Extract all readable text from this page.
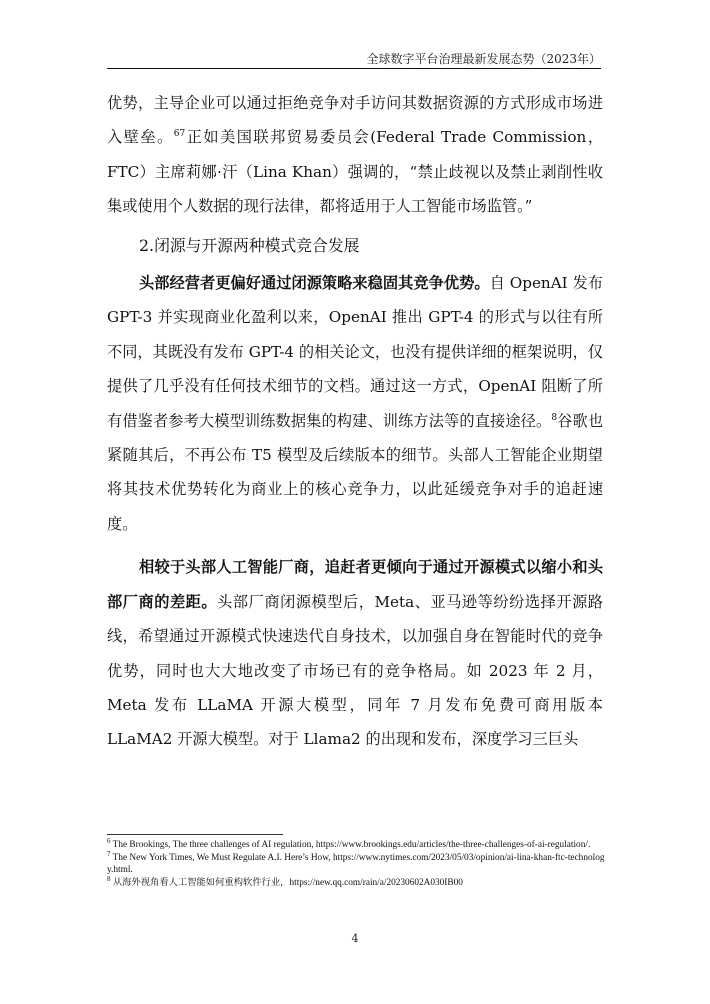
全球数字平台治理最新发展态势（2023年）

优势，主导企业可以通过拒绝竞争对手访问其数据资源的方式形成市场进入壁垒。$^{67}$正如美国联邦贸易委员会(Federal Trade Commission，FTC）主席莉娜·汗（Lina Khan）强调的，“禁止歧视以及禁止剥削性收集或使用个人数据的现行法律，都将适用于人工智能市场监管。”

2.闭源与开源两种模式竞合发展

头部经营者更偏好通过闭源策略来稳固其竞争优势。自 OpenAI 发布 GPT-3 并实现商业化盈利以来，OpenAI 推出 GPT-4 的形式与以往有所不同，其既没有发布 GPT-4 的相关论文，也没有提供详细的框架说明，仅提供了几乎没有任何技术细节的文档。通过这一方式，OpenAI 阻断了所有借鉴者参考大模型训练数据集的构建、训练方法等的直接途径。$^8$谷歌也紧随其后，不再公布 T5 模型及后续版本的细节。头部人工智能企业期望将其技术优势转化为商业上的核心竞争力，以此延缓竞争对手的追赶速度。

相较于头部人工智能厂商，追赶者更倾向于通过开源模式以缩小和头部厂商的差距。头部厂商闭源模型后，Meta、亚马逊等纷纷选择开源路线，希望通过开源模式快速迭代自身技术，以加强自身在智能时代的竞争优势，同时也大大地改变了市场已有的竞争格局。如 2023 年 2 月，Meta 发布 LLaMA 开源大模型，同年 7 月发布免费可商用版本 LLaMA2 开源大模型。对于 Llama2 的出现和发布，深度学习三巨头

$^6$ The Brookings, The three challenges of AI regulation, https://www.brookings.edu/articles/the-three-challenges-of-ai-regulation/.

$^7$ The New York Times, We Must Regulate A.I. Here’s How, https://www.nytimes.com/2023/05/03/opinion/ai-lina-khan-ftc-technology.html.

$^8$ 从海外视角看人工智能如何重构软件行业，https://new.qq.com/rain/a/20230602A030IB00

4
